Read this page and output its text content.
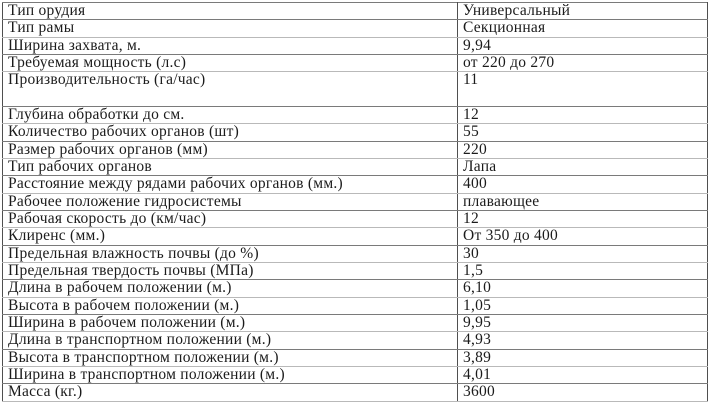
Тип орудия	Универсальный
Тип рамы	Секционная
Ширина захвата, м.	9,94
Требуемая мощность (л.с)	от 220 до 270
Производительность (га/час)	11
Глубина обработки до см.	12
Количество рабочих органов (шт)	55
Размер рабочих органов (мм)	220
Тип рабочих органов	Лапа
Расстояние между рядами рабочих органов (мм.)	400
Рабочее положение гидросистемы	плавающее
Рабочая скорость до (км/час)	12
Клиренс (мм.)	От 350 до 400
Предельная влажность почвы (до %)	30
Предельная твердость почвы (МПа)	1,5
Длина в рабочем положении (м.)	6,10
Высота в рабочем положении (м.)	1,05
Ширина в рабочем положении (м.)	9,95
Длина в транспортном положении (м.)	4,93
Высота в транспортном положении (м.)	3,89
Ширина в транспортном положении (м.)	4,01
Масса (кг.)	3600
